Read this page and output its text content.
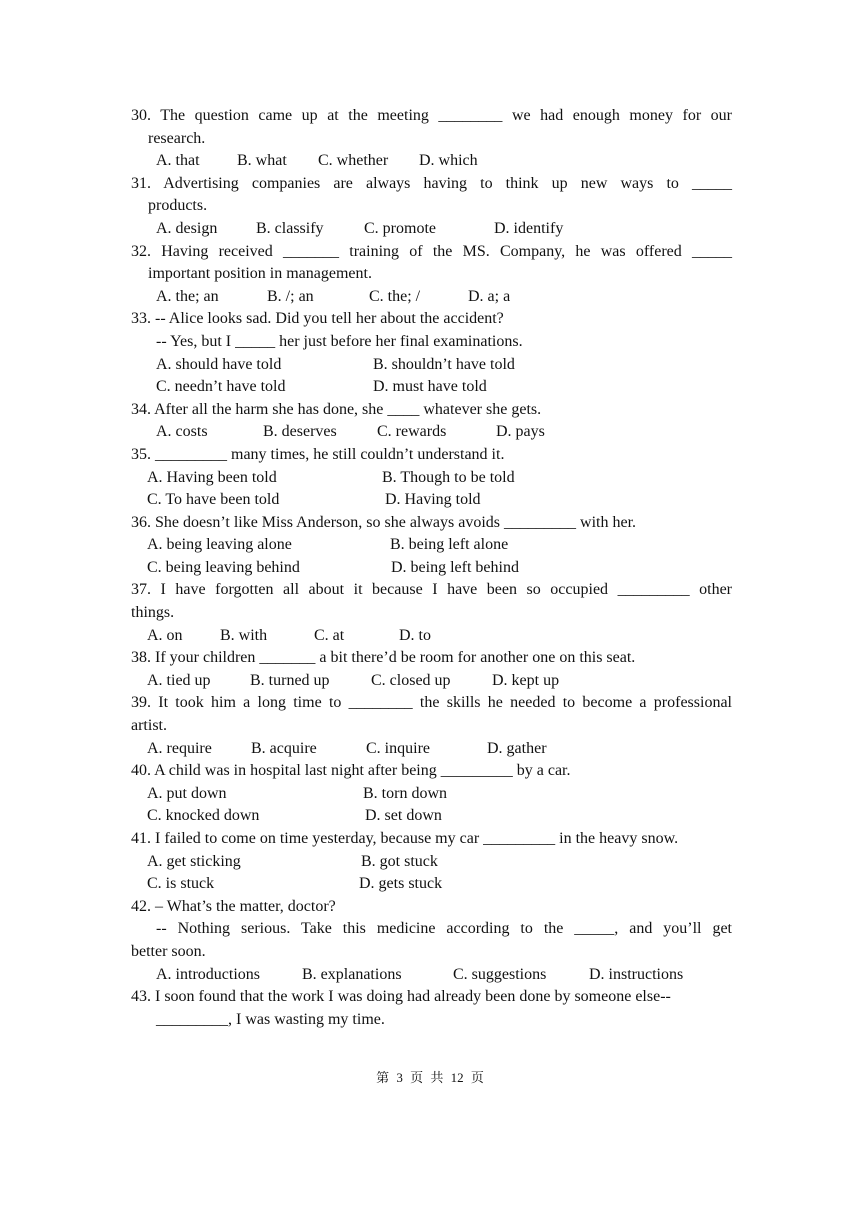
30. The question came up at the meeting ________ we had enough money for our

research.

A. that	B. what	C. whether	D. which

31. Advertising companies are always having to think up new ways to _____

products.

A. design	B. classify	C. promote	D. identify

32. Having received _______ training of the MS. Company, he was offered _____

important position in management.

A. the; an	B. /; an	C. the; /	D. a; a

33. -- Alice looks sad. Did you tell her about the accident?

-- Yes, but I _____ her just before her final examinations.

A. should have told	B. shouldn’t have told
C. needn’t have told	D. must have told

34. After all the harm she has done, she ____ whatever she gets.

A. costs	B. deserves	C. rewards	D. pays

35. _________ many times, he still couldn’t understand it.

A. Having been told	B. Though to be told
C. To have been told	D. Having told

36. She doesn’t like Miss Anderson, so she always avoids _________ with her.

A. being leaving alone	B. being left alone
C. being leaving behind	D. being left behind

37. I have forgotten all about it because I have been so occupied _________ other

things.

A. on	B. with	C. at	D. to

38. If your children _______ a bit there’d be room for another one on this seat.

A. tied up	B. turned up	C. closed up	D. kept up

39. It took him a long time to ________ the skills he needed to become a professional

artist.

A. require	B. acquire	C. inquire	D. gather

40. A child was in hospital last night after being _________ by a car.

A. put down	B. torn down
C. knocked down	D. set down

41. I failed to come on time yesterday, because my car _________ in the heavy snow.

A. get sticking	B. got stuck
C. is stuck	D. gets stuck

42. – What’s the matter, doctor?

-- Nothing serious. Take this medicine according to the _____, and you’ll get

better soon.

A. introductions	B. explanations	C. suggestions	D. instructions

43. I soon found that the work I was doing had already been done by someone else--

_________, I was wasting my time.

第 3 页 共 12 页
